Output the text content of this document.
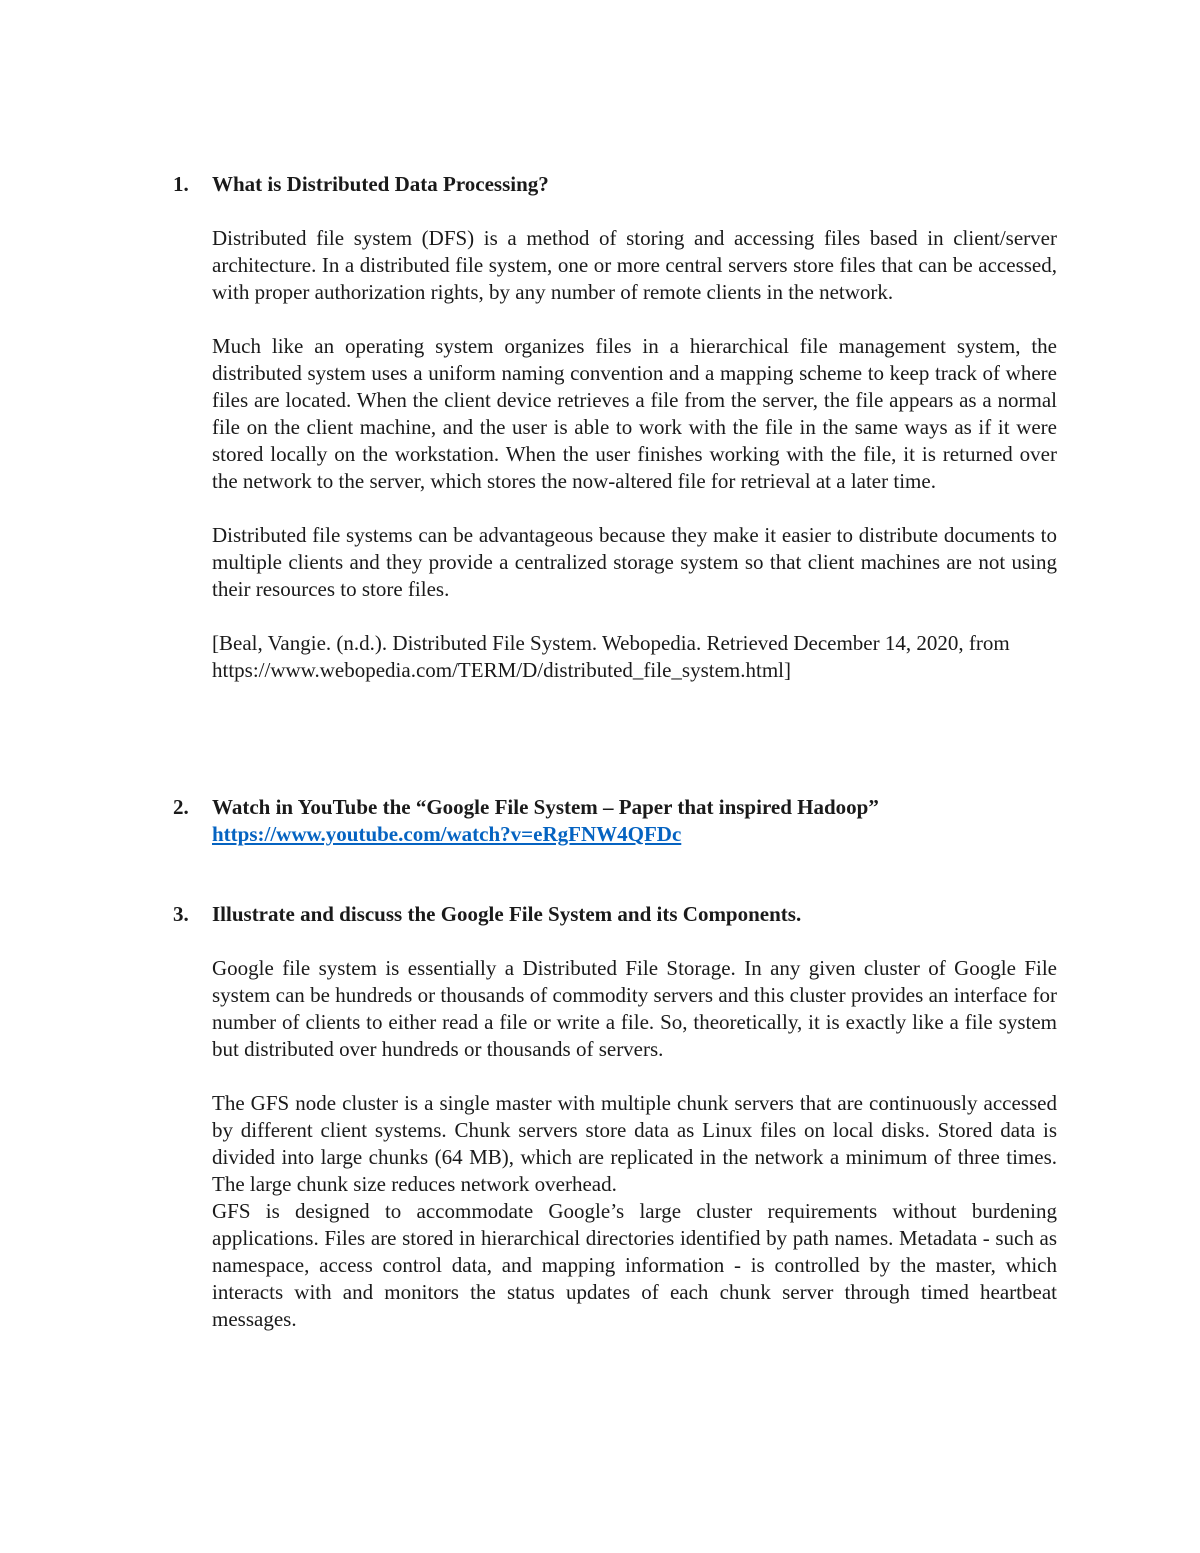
1. What is Distributed Data Processing?

Distributed file system (DFS) is a method of storing and accessing files based in client/server architecture. In a distributed file system, one or more central servers store files that can be accessed, with proper authorization rights, by any number of remote clients in the network.

Much like an operating system organizes files in a hierarchical file management system, the distributed system uses a uniform naming convention and a mapping scheme to keep track of where files are located. When the client device retrieves a file from the server, the file appears as a normal file on the client machine, and the user is able to work with the file in the same ways as if it were stored locally on the workstation. When the user finishes working with the file, it is returned over the network to the server, which stores the now-altered file for retrieval at a later time.

Distributed file systems can be advantageous because they make it easier to distribute documents to multiple clients and they provide a centralized storage system so that client machines are not using their resources to store files.

[Beal, Vangie. (n.d.). Distributed File System. Webopedia. Retrieved December 14, 2020, from https://www.webopedia.com/TERM/D/distributed_file_system.html]

2. Watch in YouTube the “Google File System – Paper that inspired Hadoop”
https://www.youtube.com/watch?v=eRgFNW4QFDc
3. Illustrate and discuss the Google File System and its Components.

Google file system is essentially a Distributed File Storage. In any given cluster of Google File system can be hundreds or thousands of commodity servers and this cluster provides an interface for number of clients to either read a file or write a file. So, theoretically, it is exactly like a file system but distributed over hundreds or thousands of servers.

The GFS node cluster is a single master with multiple chunk servers that are continuously accessed by different client systems. Chunk servers store data as Linux files on local disks. Stored data is divided into large chunks (64 MB), which are replicated in the network a minimum of three times. The large chunk size reduces network overhead.

GFS is designed to accommodate Google’s large cluster requirements without burdening applications. Files are stored in hierarchical directories identified by path names. Metadata - such as namespace, access control data, and mapping information - is controlled by the master, which interacts with and monitors the status updates of each chunk server through timed heartbeat messages.
